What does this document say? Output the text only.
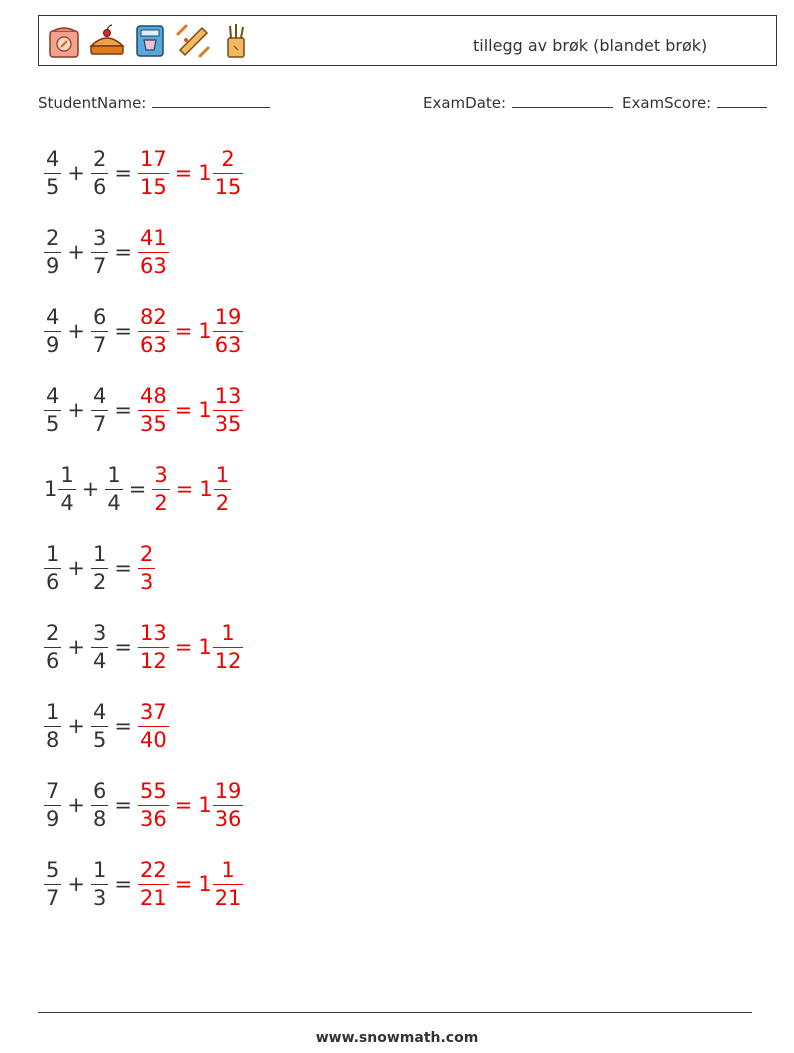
tillegg av brøk (blandet brøk)
StudentName:	ExamDate:	ExamScore:
$\frac{4}{5} + \frac{2}{6} = \frac{17}{15} = 1 \frac{2}{15}$
$\frac{2}{9} + \frac{3}{7} = \frac{41}{63}$
$\frac{4}{9} + \frac{6}{7} = \frac{82}{63} = 1 \frac{19}{63}$
$\frac{4}{5} + \frac{4}{7} = \frac{48}{35} = 1 \frac{13}{35}$
$1 \frac{1}{4} + \frac{1}{4} = \frac{3}{2} = 1 \frac{1}{2}$
$\frac{1}{6} + \frac{1}{2} = \frac{2}{3}$
$\frac{2}{6} + \frac{3}{4} = \frac{13}{12} = 1 \frac{1}{12}$
$\frac{1}{8} + \frac{4}{5} = \frac{37}{40}$
$\frac{7}{9} + \frac{6}{8} = \frac{55}{36} = 1 \frac{19}{36}$
$\frac{5}{7} + \frac{1}{3} = \frac{22}{21} = 1 \frac{1}{21}$
www.snowmath.com
